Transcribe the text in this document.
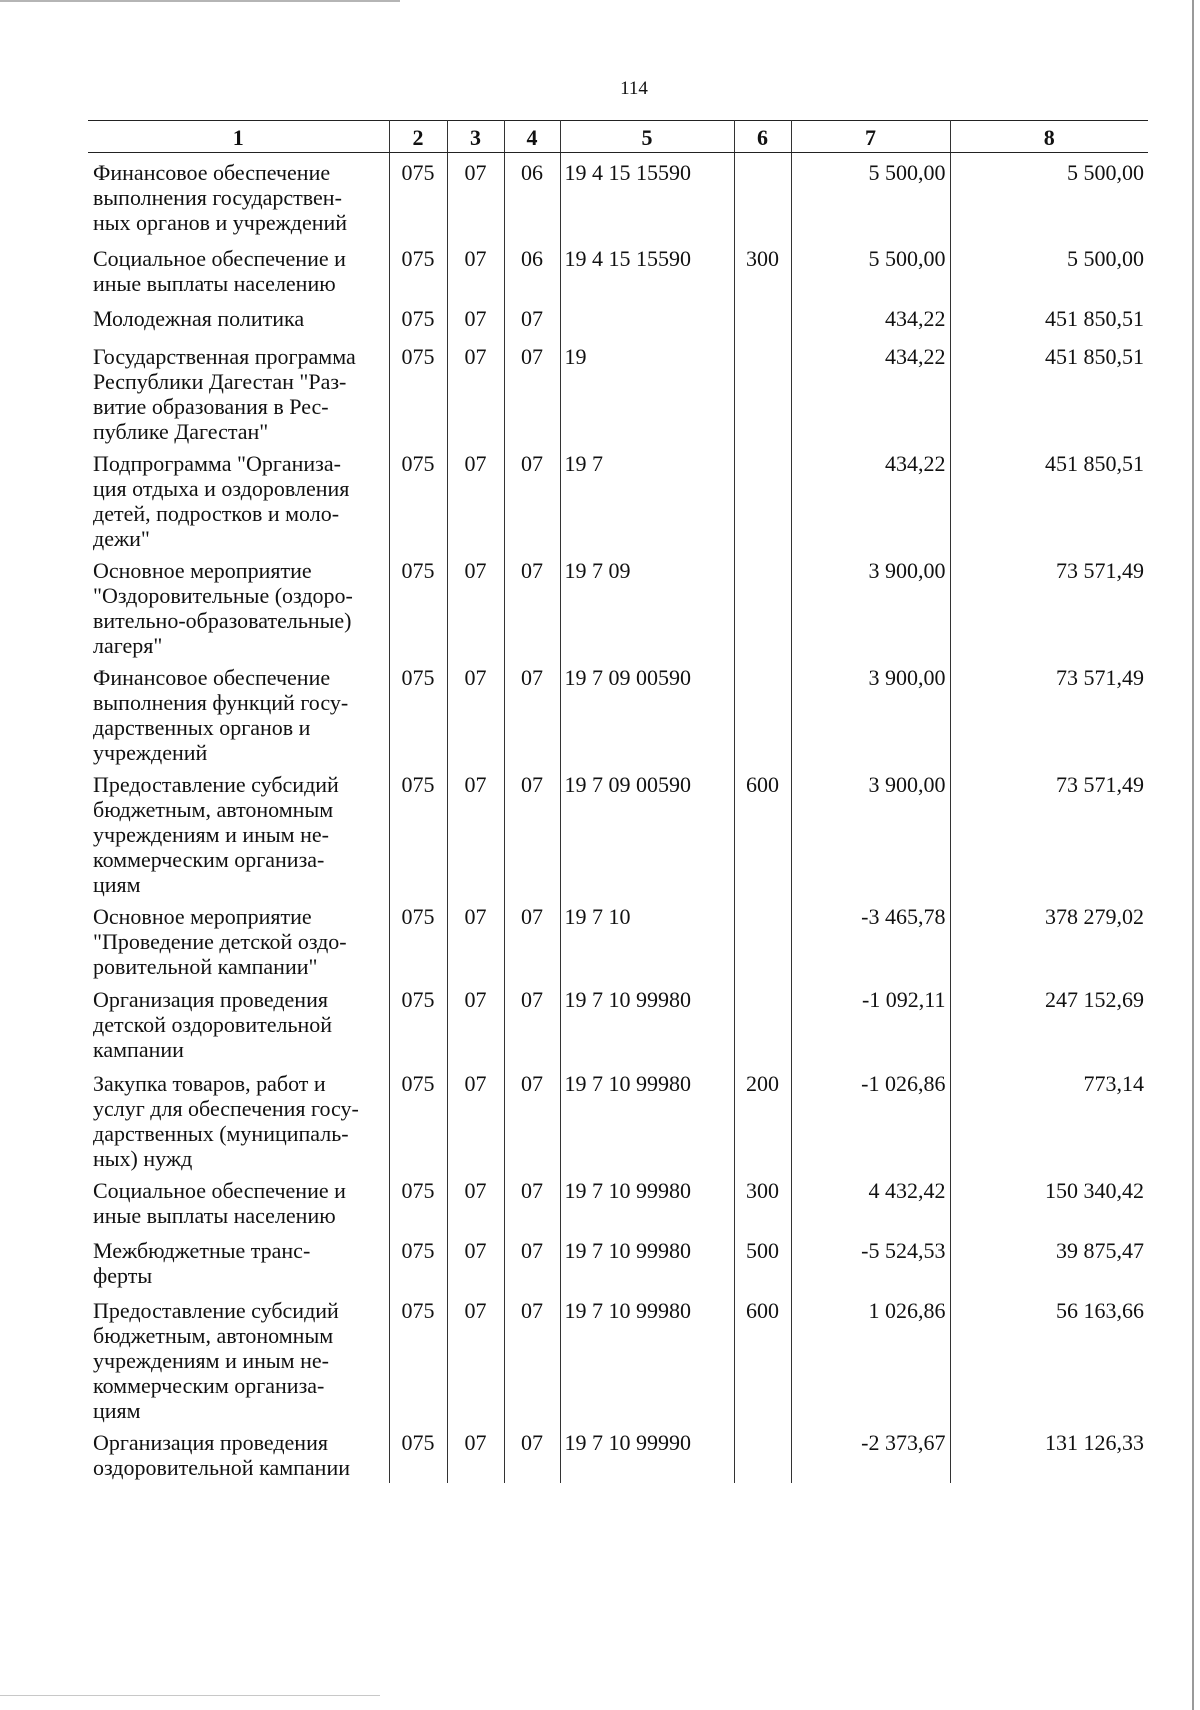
114
1	2	3	4	5	6	7	8

Финансовое обеспечение
выполнения государствен-
ных органов и учреждений	075	07	06	19 4 15 15590		5 500,00	5 500,00

Социальное обеспечение и
иные выплаты населению	075	07	06	19 4 15 15590	300	5 500,00	5 500,00

Молодежная политика	075	07	07			434,22	451 850,51

Государственная программа
Республики Дагестан "Раз-
витие образования в Рес-
публике Дагестан"	075	07	07	19		434,22	451 850,51

Подпрограмма "Организа-
ция отдыха и оздоровления
детей, подростков и моло-
дежи"	075	07	07	19 7		434,22	451 850,51

Основное мероприятие
"Оздоровительные (оздоро-
вительно-образовательные)
лагеря"	075	07	07	19 7 09		3 900,00	73 571,49

Финансовое обеспечение
выполнения функций госу-
дарственных органов и
учреждений	075	07	07	19 7 09 00590		3 900,00	73 571,49

Предоставление субсидий
бюджетным, автономным
учреждениям и иным не-
коммерческим организа-
циям	075	07	07	19 7 09 00590	600	3 900,00	73 571,49

Основное мероприятие
"Проведение детской оздо-
ровительной кампании"	075	07	07	19 7 10		-3 465,78	378 279,02

Организация проведения
детской оздоровительной
кампании	075	07	07	19 7 10 99980		-1 092,11	247 152,69

Закупка товаров, работ и
услуг для обеспечения госу-
дарственных (муниципаль-
ных) нужд	075	07	07	19 7 10 99980	200	-1 026,86	773,14

Социальное обеспечение и
иные выплаты населению	075	07	07	19 7 10 99980	300	4 432,42	150 340,42

Межбюджетные транс-
ферты	075	07	07	19 7 10 99980	500	-5 524,53	39 875,47

Предоставление субсидий
бюджетным, автономным
учреждениям и иным не-
коммерческим организа-
циям	075	07	07	19 7 10 99980	600	1 026,86	56 163,66

Организация проведения
оздоровительной кампании	075	07	07	19 7 10 99990		-2 373,67	131 126,33
